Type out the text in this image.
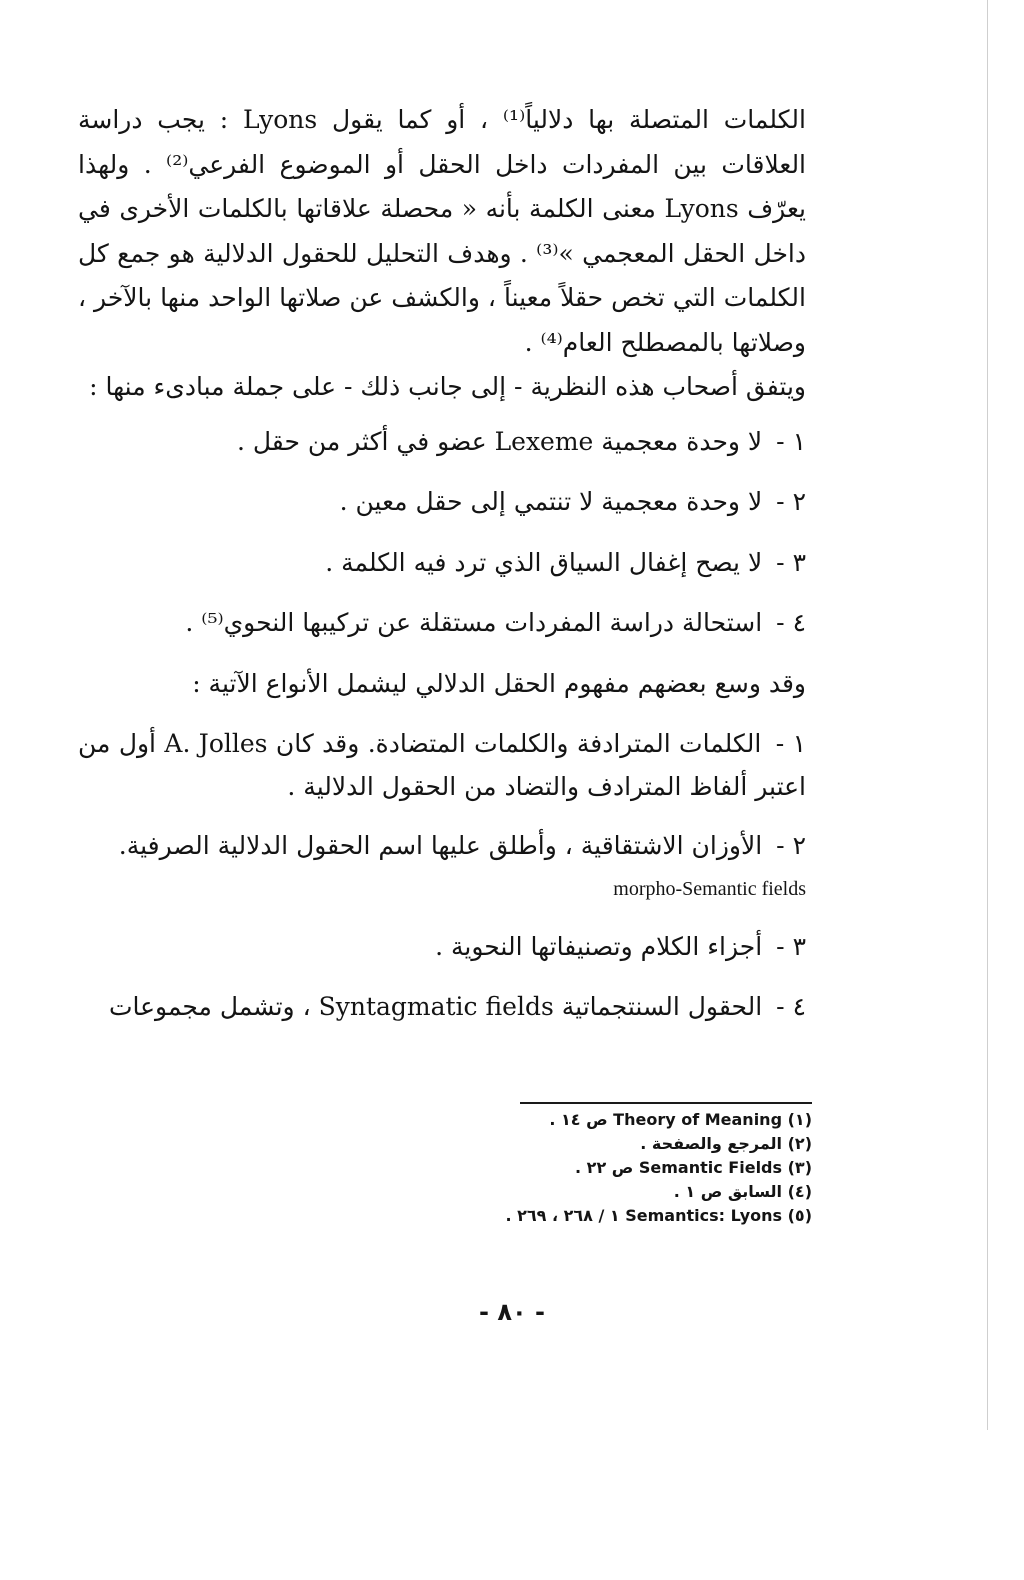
الكلمات المتصلة بها دلالياً⁽¹⁾ ، أو كما يقول Lyons : يجب دراسة العلاقات بين المفردات داخل الحقل أو الموضوع الفرعي⁽²⁾ . ولهذا يعرّف Lyons معنى الكلمة بأنه « محصلة علاقاتها بالكلمات الأخرى في داخل الحقل المعجمي »⁽³⁾ . وهدف التحليل للحقول الدلالية هو جمع كل الكلمات التي تخص حقلاً معيناً ، والكشف عن صلاتها الواحد منها بالآخر ، وصلاتها بالمصطلح العام⁽⁴⁾ .

ويتفق أصحاب هذه النظرية - إلى جانب ذلك - على جملة مبادىء منها :

١ - لا وحدة معجمية Lexeme عضو في أكثر من حقل .

٢ - لا وحدة معجمية لا تنتمي إلى حقل معين .

٣ - لا يصح إغفال السياق الذي ترد فيه الكلمة .

٤ - استحالة دراسة المفردات مستقلة عن تركيبها النحوي⁽⁵⁾ .

وقد وسع بعضهم مفهوم الحقل الدلالي ليشمل الأنواع الآتية :

١ - الكلمات المترادفة والكلمات المتضادة. وقد كان A. Jolles أول من اعتبر ألفاظ المترادف والتضاد من الحقول الدلالية .

٢ - الأوزان الاشتقاقية ، وأطلق عليها اسم الحقول الدلالية الصرفية.
morpho-Semantic fields

٣ - أجزاء الكلام وتصنيفاتها النحوية .

٤ - الحقول السنتجماتية Syntagmatic fields ، وتشمل مجموعات

(١) Theory of Meaning ص ١٤ .
(٢) المرجع والصفحة .
(٣) Semantic Fields ص ٢٢ .
(٤) السابق ص ١ .
(٥) Semantics: Lyons ١ / ٢٦٨ ، ٢٦٩ .
- ٨٠ -
